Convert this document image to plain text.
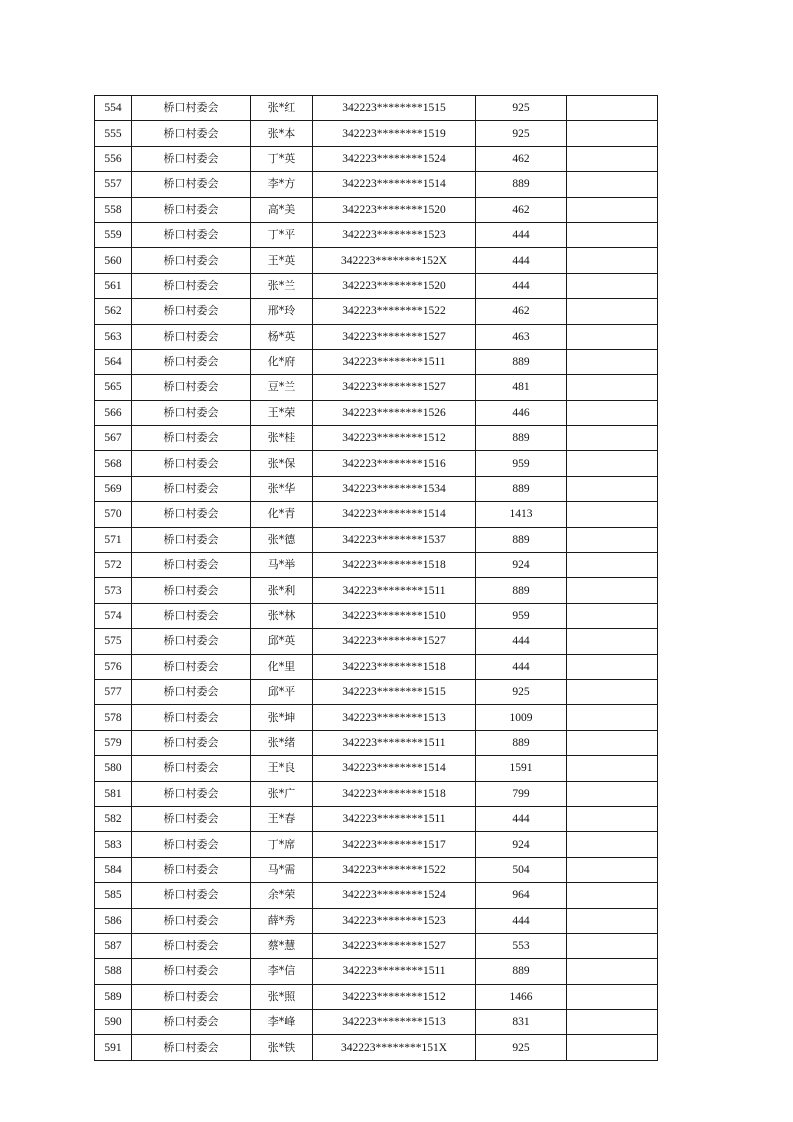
554	桥口村委会	张*红	342223********1515	925	
555	桥口村委会	张*本	342223********1519	925	
556	桥口村委会	丁*英	342223********1524	462	
557	桥口村委会	李*方	342223********1514	889	
558	桥口村委会	高*美	342223********1520	462	
559	桥口村委会	丁*平	342223********1523	444	
560	桥口村委会	王*英	342223********152X	444	
561	桥口村委会	张*兰	342223********1520	444	
562	桥口村委会	邢*玲	342223********1522	462	
563	桥口村委会	杨*英	342223********1527	463	
564	桥口村委会	化*府	342223********1511	889	
565	桥口村委会	豆*兰	342223********1527	481	
566	桥口村委会	王*荣	342223********1526	446	
567	桥口村委会	张*桂	342223********1512	889	
568	桥口村委会	张*保	342223********1516	959	
569	桥口村委会	张*华	342223********1534	889	
570	桥口村委会	化*青	342223********1514	1413	
571	桥口村委会	张*德	342223********1537	889	
572	桥口村委会	马*举	342223********1518	924	
573	桥口村委会	张*利	342223********1511	889	
574	桥口村委会	张*林	342223********1510	959	
575	桥口村委会	邱*英	342223********1527	444	
576	桥口村委会	化*里	342223********1518	444	
577	桥口村委会	邱*平	342223********1515	925	
578	桥口村委会	张*坤	342223********1513	1009	
579	桥口村委会	张*绪	342223********1511	889	
580	桥口村委会	王*良	342223********1514	1591	
581	桥口村委会	张*广	342223********1518	799	
582	桥口村委会	王*春	342223********1511	444	
583	桥口村委会	丁*席	342223********1517	924	
584	桥口村委会	马*需	342223********1522	504	
585	桥口村委会	余*荣	342223********1524	964	
586	桥口村委会	薛*秀	342223********1523	444	
587	桥口村委会	蔡*慧	342223********1527	553	
588	桥口村委会	李*信	342223********1511	889	
589	桥口村委会	张*照	342223********1512	1466	
590	桥口村委会	李*峰	342223********1513	831	
591	桥口村委会	张*铁	342223********151X	925	
